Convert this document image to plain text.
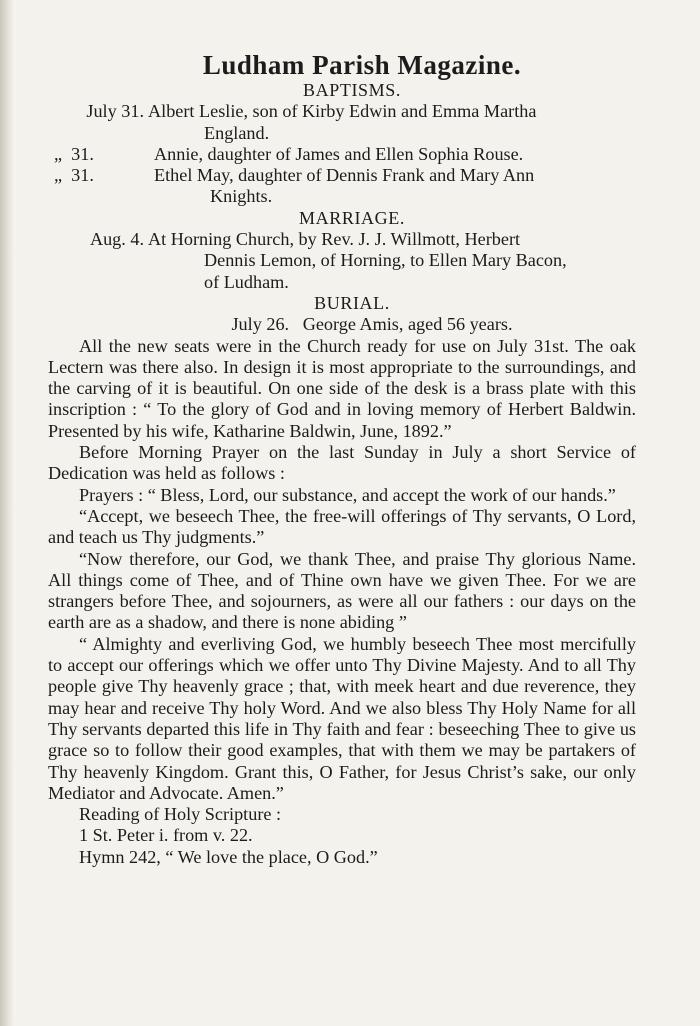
Ludham Parish Magazine.
BAPTISMS.
July 31. Albert Leslie, son of Kirby Edwin and Emma Martha

England.
„  31.	Annie, daughter of James and Ellen Sophia Rouse.
„  31.	Ethel May, daughter of Dennis Frank and Mary Ann

Knights.
MARRIAGE.
Aug. 4. At Horning Church, by Rev. J. J. Willmott, Herbert

Dennis Lemon, of Horning, to Ellen Mary Bacon,
of Ludham.
BURIAL.
July 26.   George Amis, aged 56 years.

All the new seats were in the Church ready for use on July 31st. The oak Lectern was there also. In design it is most appropriate to the surroundings, and the carving of it is beautiful. On one side of the desk is a brass plate with this inscription : “ To the glory of God and in loving memory of Herbert Baldwin. Presented by his wife, Katharine Baldwin, June, 1892.”

Before Morning Prayer on the last Sunday in July a short Service of Dedication was held as follows :

Prayers : “ Bless, Lord, our substance, and accept the work of our hands.”

“Accept, we beseech Thee, the free-will offerings of Thy servants, O Lord, and teach us Thy judgments.”

“Now therefore, our God, we thank Thee, and praise Thy glorious Name. All things come of Thee, and of Thine own have we given Thee. For we are strangers before Thee, and sojourners, as were all our fathers : our days on the earth are as a shadow, and there is none abiding ”

“ Almighty and everliving God, we humbly beseech Thee most mercifully to accept our offerings which we offer unto Thy Divine Majesty. And to all Thy people give Thy heavenly grace ; that, with meek heart and due reverence, they may hear and receive Thy holy Word. And we also bless Thy Holy Name for all Thy servants departed this life in Thy faith and fear : beseeching Thee to give us grace so to follow their good examples, that with them we may be partakers of Thy heavenly Kingdom. Grant this, O Father, for Jesus Christ’s sake, our only Mediator and Advocate. Amen.”

Reading of Holy Scripture :

1 St. Peter i. from v. 22.
Hymn 242, “ We love the place, O God.”
